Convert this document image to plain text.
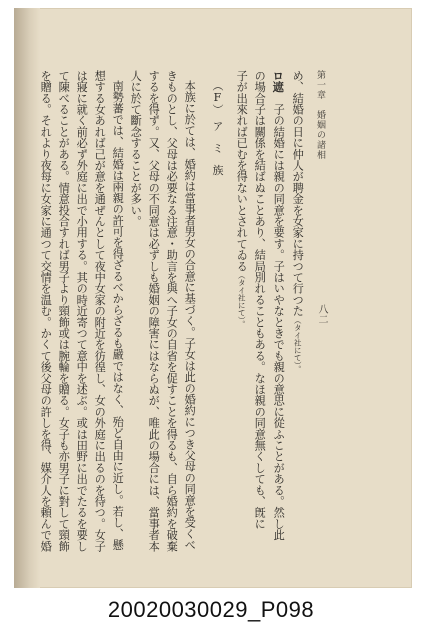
第一章　婚姻の諸相
八二
め、結婚の日に仲人が聘金を女家に持つて行つた（タイ社にて）。
ロ遮　子の結婚には親の同意を要す。子はいやなときでも親の意思に從ふことがある。然し此
の場合子は關係を結ばぬことあり、結局別れることもある。なほ親の同意無くしても、旣に
子が出來れば已むを得ないとされてゐる（タイ社にて）。
（F）　ア　ミ　族
本族に於ては、婚約は當事者男女の合意に基づく。子女は此の婚約につき父母の同意を受くべ
きものとし、父母は必要なる注意・助言を與へ子女の自省を促すことを得るも、自ら婚約を破棄
するを得ず。又、父母の不同意は必ずしも婚姻の障害にはならぬが、唯此の場合には、當事者本
人に於て斷念することが多い。
南勢蕃では、結婚は兩親の許可を得ざるべからざるも嚴ではなく、殆ど自由に近し。若し、懸
想する女あれば己が意を通ぜんとして夜中女家の附近を彷徨し、女の外庭に出るのを待つ。女子
は寢に就く前必ず外庭に出で小用する。其の時近寄つて意中を述ぶ。或は田野に出でたるを要し
て陳べることがある。情意投合すれば男子より頸飾或は腕輪を贈る。女子も亦男子に對して頸飾
を贈る。それより夜每に女家に通つて交情を温む。かくて後父母の許しを得、媒介人を頼んで婚
20020030029_P098
